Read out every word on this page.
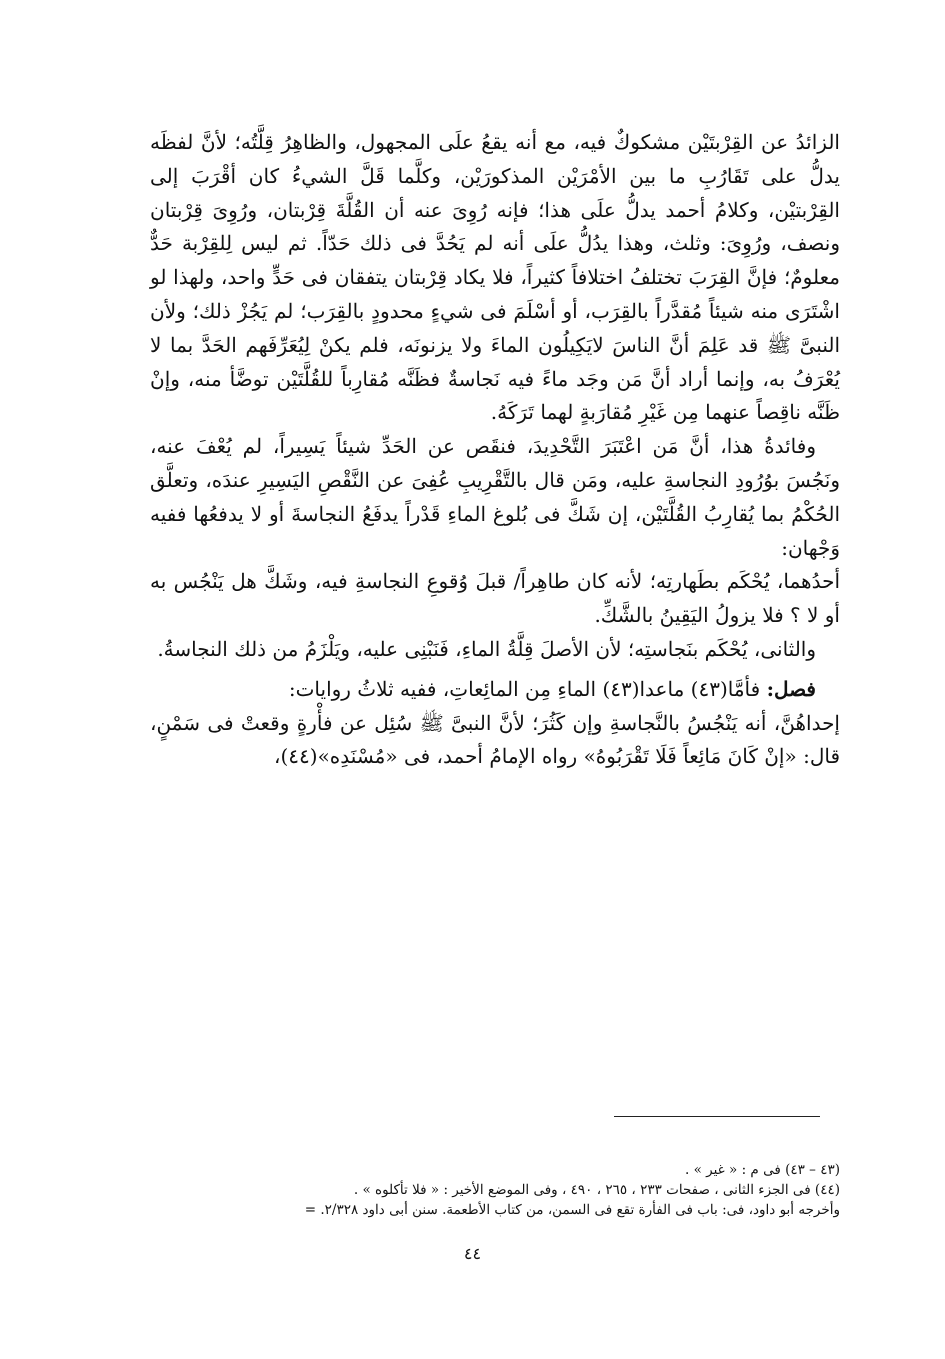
الزائدُ عن القِرْبتَيْن مشكوكٌ فيه، مع أنه يقعُ علَى المجهول، والظاهِرُ قِلَّتُه؛ لأنَّ لفظَه يدلُّ على تَقَارُبِ ما بين الأمْرَيْن المذكورَيْن، وكلَّما قَلَّ الشيءُ كان أقْرَبَ إلى القِرْبتيْن، وكلامُ أحمد يدلُّ علَى هذا؛ فإنه رُوِىَ عنه أن القُلَّةَ قِرْبتان، ورُوِىَ قِرْبتان ونصف، ورُوِىَ: وثلث، وهذا يدُلُّ علَى أنه لم يَحُدَّ فى ذلك حَدّاً. ثم ليس لِلقِرْبة حَدٌّ معلومٌ؛ فإنَّ القِرَبَ تختلفُ اختلافاً كثيراً، فلا يكاد قِرْبتان يتفقان فى حَدٍّ واحد، ولهذا لو اشْتَرَى منه شيئاً مُقدَّراً بالقِرَب، أو أسْلَمَ فى شيءٍ محدودٍ بالقِرَب؛ لم يَجُزْ ذلك؛ ولأن النبىَّ ﷺ قد عَلِمَ أنَّ الناسَ لايَكِيلُون الماءَ ولا يزنونَه، فلم يكنْ لِيُعَرِّفَهم الحَدَّ بما لا يُعْرَفُ به، وإنما أراد أنَّ مَن وجَد ماءً فيه نَجاسةٌ فظَنَّه مُقارِباً للقُلَّتَيْن توضَّأ منه، وإنْ ظَنَّه ناقِصاً عنهما مِن غَيْرِ مُقارَبةٍ لهما تَرَكَهُ.

وفائدةُ هذا، أنَّ مَن اعْتَبَرَ التَّحْدِيدَ، فنقَص عن الحَدِّ شيئاً يَسِيراً، لم يُعْفَ عنه، ونَجُسَ بوُرُودِ النجاسةِ عليه، ومَن قال بالتَّقْرِيبِ عُفِىَ عن النَّقْصِ اليَسِيرِ عندَه، وتعلَّق الحُكْمُ بما يُقارِبُ القُلَّتَيْن، إن شَكَّ فى بُلوغ الماءِ قَدْراً يدفَعُ النجاسةَ أو لا يدفعُها ففيه وَجْهان:

أحدُهما، يُحْكَم بطَهارتِه؛ لأنه كان طاهِراً/ قبلَ وُقوعِ النجاسةِ فيه، وشَكَّ هل يَنْجُس به أو لا ؟ فلا يزولُ اليَقِينُ بالشَّكِّ.

والثانى، يُحْكَم بنَجاستِه؛ لأن الأصلَ قِلَّةُ الماءِ، فَنَبْنِى عليه، ويَلْزَمُ من ذلك النجاسةُ.

فصل: فأمَّا(٤٣) ماعدا(٤٣) الماءِ مِن المائِعاتِ، ففيه ثلاثُ روايات:

إحداهُنَّ، أنه يَنْجُسُ بالنَّجاسةِ وإن كَثُرَ؛ لأنَّ النبىَّ ﷺ سُئِل عن فأْرةٍ وقعتْ فى سَمْنٍ، قال: «إنْ كَانَ مَائِعاً فَلَا تَقْرَبُوهُ» رواه الإمامُ أحمد، فى «مُسْنَدِه»(٤٤)،

(٤٣ – ٤٣) فى م : « غير » .

(٤٤) فى الجزء الثانى ، صفحات ٢٣٣ ، ٢٦٥ ، ٤٩٠ ، وفى الموضع الأخير : « فلا تأكلوه » .

وأخرجه أبو داود، فى: باب فى الفأرة تقع فى السمن، من كتاب الأطعمة. سنن أبى داود ٢/٣٢٨. =

٤٤
